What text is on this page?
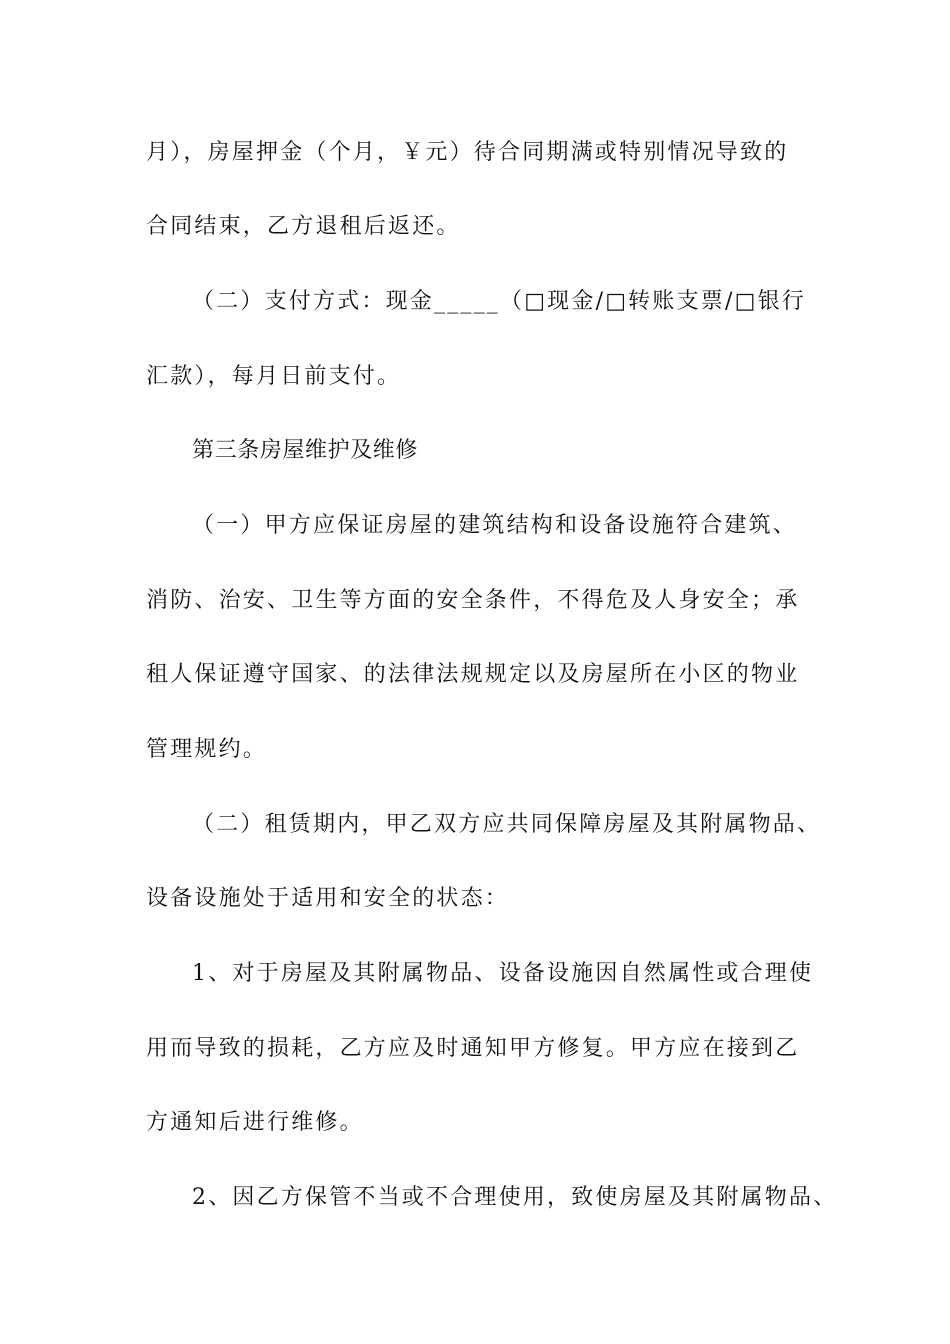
月），房屋押金（个月，￥元）待合同期满或特别情况导致的
合同结束，乙方退租后返还。
（二）支付方式：现金_____（□现金/□转账支票/□银行
汇款），每月日前支付。
第三条房屋维护及维修
（一）甲方应保证房屋的建筑结构和设备设施符合建筑、
消防、治安、卫生等方面的安全条件，不得危及人身安全；承
租人保证遵守国家、的法律法规规定以及房屋所在小区的物业
管理规约。
（二）租赁期内，甲乙双方应共同保障房屋及其附属物品、
设备设施处于适用和安全的状态：
1、对于房屋及其附属物品、设备设施因自然属性或合理使
用而导致的损耗，乙方应及时通知甲方修复。甲方应在接到乙
方通知后进行维修。
2、因乙方保管不当或不合理使用，致使房屋及其附属物品、
